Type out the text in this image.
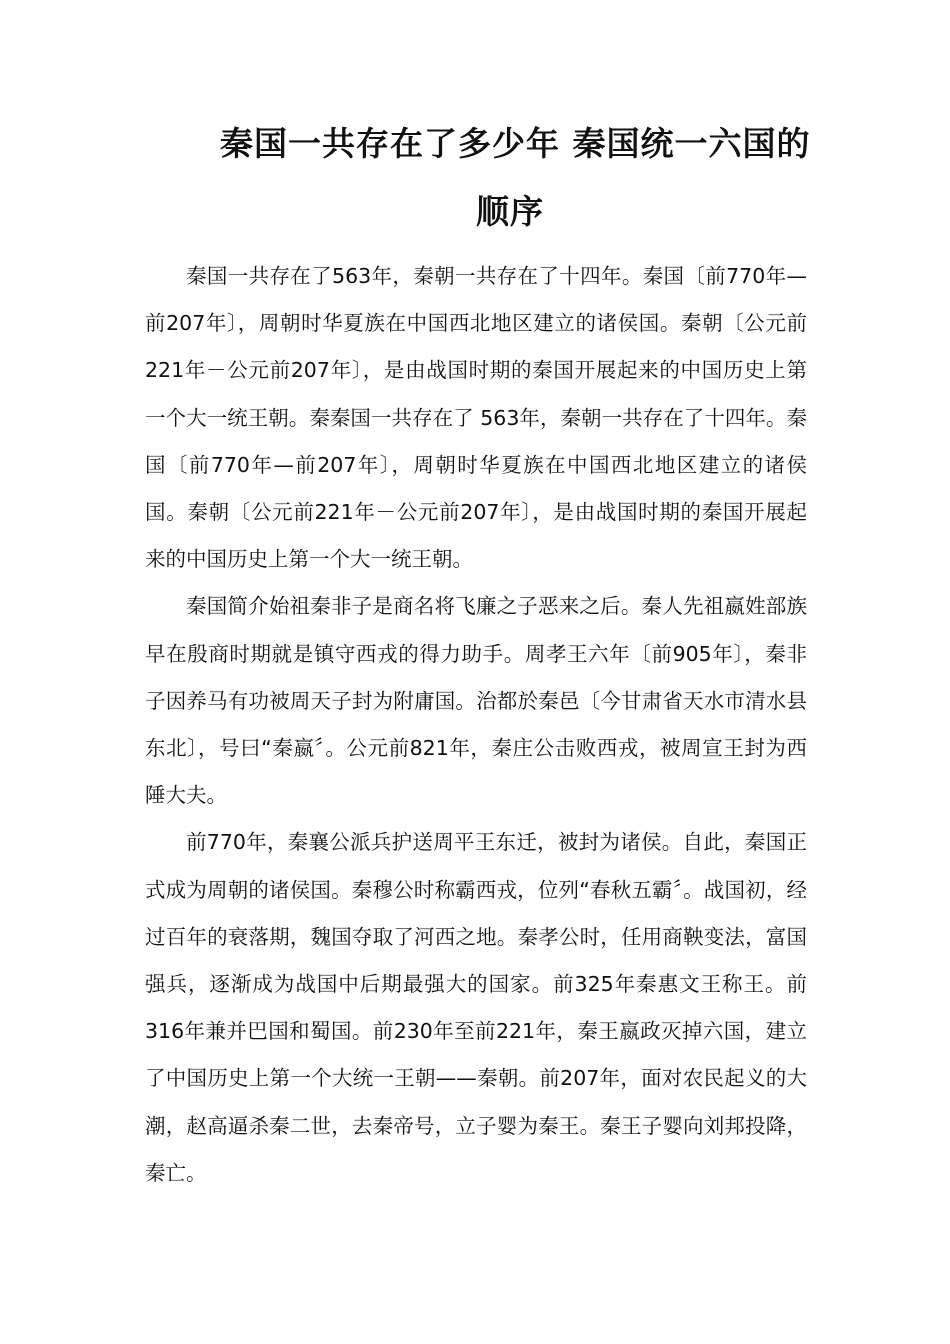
秦国一共存在了多少年 秦国统一六国的
顺序

秦国一共存在了563年，秦朝一共存在了十四年。秦国〔前770年—前207年〕，周朝时华夏族在中国西北地区建立的诸侯国。秦朝〔公元前221年－公元前207年〕，是由战国时期的秦国开展起来的中国历史上第一个大一统王朝。秦秦国一共存在了 563年，秦朝一共存在了十四年。秦国〔前770年—前207年〕，周朝时华夏族在中国西北地区建立的诸侯国。秦朝〔公元前221年－公元前207年〕，是由战国时期的秦国开展起来的中国历史上第一个大一统王朝。

秦国简介始祖秦非子是商名将飞廉之子恶来之后。秦人先祖嬴姓部族早在殷商时期就是镇守西戎的得力助手。周孝王六年〔前905年〕，秦非子因养马有功被周天子封为附庸国。治都於秦邑〔今甘肃省天水市清水县东北〕，号曰“秦嬴〞。公元前821年，秦庄公击败西戎，被周宣王封为西陲大夫。

前770年，秦襄公派兵护送周平王东迁，被封为诸侯。自此，秦国正式成为周朝的诸侯国。秦穆公时称霸西戎，位列“春秋五霸〞。战国初，经过百年的衰落期，魏国夺取了河西之地。秦孝公时，任用商鞅变法，富国强兵，逐渐成为战国中后期最强大的国家。前325年秦惠文王称王。前316年兼并巴国和蜀国。前230年至前221年，秦王嬴政灭掉六国，建立了中国历史上第一个大统一王朝——秦朝。前207年，面对农民起义的大潮，赵高逼杀秦二世，去秦帝号，立子婴为秦王。秦王子婴向刘邦投降，秦亡。
